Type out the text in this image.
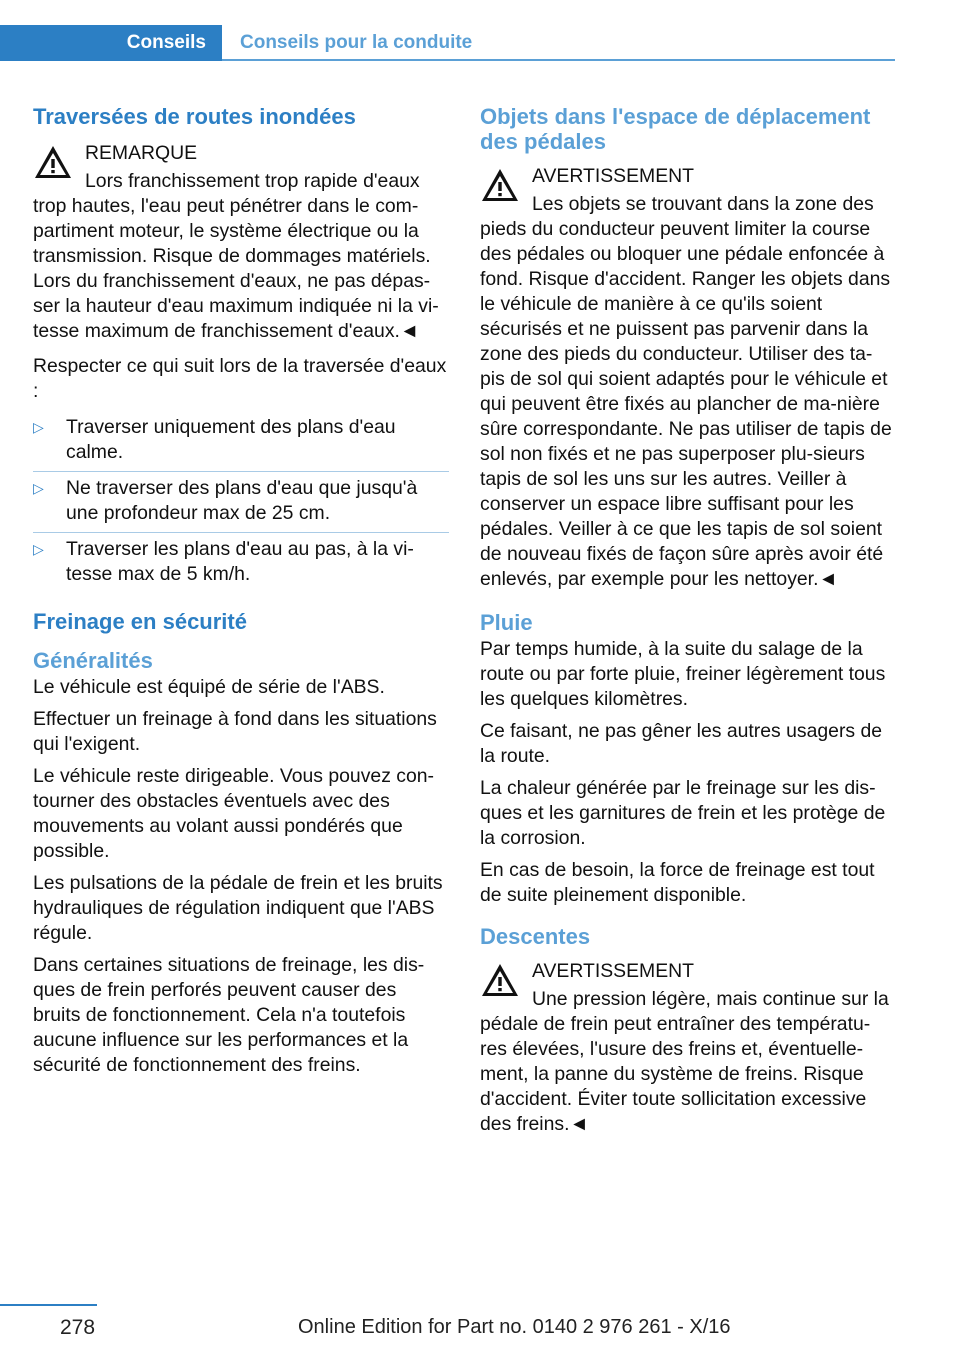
Conseils Conseils pour la conduite
Traversées de routes inondées
REMARQUE

Lors franchissement trop rapide d'eaux trop hautes, l'eau peut pénétrer dans le com-partiment moteur, le système électrique ou la transmission. Risque de dommages matériels. Lors du franchissement d'eaux, ne pas dépas-ser la hauteur d'eau maximum indiquée ni la vi-tesse maximum de franchissement d'eaux.◄

Respecter ce qui suit lors de la traversée d'eaux :

▷ Traverser uniquement des plans d'eau calme.
▷ Ne traverser des plans d'eau que jusqu'à une profondeur max de 25 cm.
▷ Traverser les plans d'eau au pas, à la vi-tesse max de 5 km/h.
Freinage en sécurité
Généralités

Le véhicule est équipé de série de l'ABS.

Effectuer un freinage à fond dans les situations qui l'exigent.

Le véhicule reste dirigeable. Vous pouvez con-tourner des obstacles éventuels avec des mouvements au volant aussi pondérés que possible.

Les pulsations de la pédale de frein et les bruits hydrauliques de régulation indiquent que l'ABS régule.

Dans certaines situations de freinage, les dis-ques de frein perforés peuvent causer des bruits de fonctionnement. Cela n'a toutefois aucune influence sur les performances et la sécurité de fonctionnement des freins.

Objets dans l'espace de déplacement des pédales
AVERTISSEMENT

Les objets se trouvant dans la zone des pieds du conducteur peuvent limiter la course des pédales ou bloquer une pédale enfoncée à fond. Risque d'accident. Ranger les objets dans le véhicule de manière à ce qu'ils soient sécurisés et ne puissent pas parvenir dans la zone des pieds du conducteur. Utiliser des ta-pis de sol qui soient adaptés pour le véhicule et qui peuvent être fixés au plancher de ma-nière sûre correspondante. Ne pas utiliser de tapis de sol non fixés et ne pas superposer plu-sieurs tapis de sol les uns sur les autres. Veiller à conserver un espace libre suffisant pour les pédales. Veiller à ce que les tapis de sol soient de nouveau fixés de façon sûre après avoir été enlevés, par exemple pour les nettoyer.◄

Pluie

Par temps humide, à la suite du salage de la route ou par forte pluie, freiner légèrement tous les quelques kilomètres.

Ce faisant, ne pas gêner les autres usagers de la route.

La chaleur générée par le freinage sur les dis-ques et les garnitures de frein et les protège de la corrosion.

En cas de besoin, la force de freinage est tout de suite pleinement disponible.

Descentes
AVERTISSEMENT

Une pression légère, mais continue sur la pédale de frein peut entraîner des températu-res élevées, l'usure des freins et, éventuelle-ment, la panne du système de freins. Risque d'accident. Éviter toute sollicitation excessive des freins.◄

278	Online Edition for Part no. 0140 2 976 261 - X/16
